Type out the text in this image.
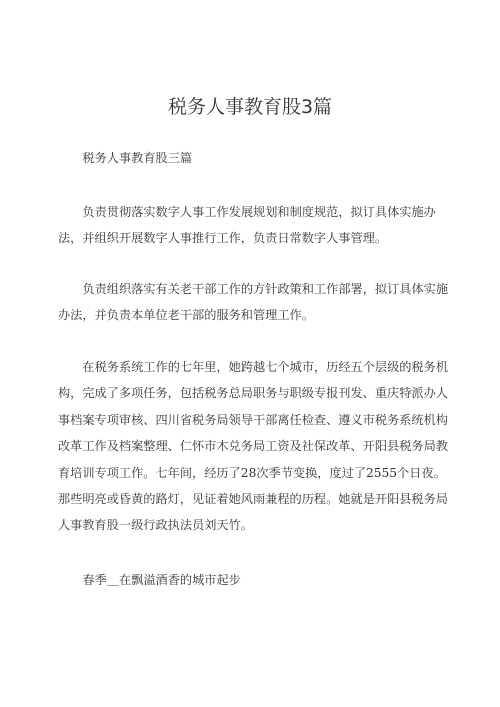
税务人事教育股3篇

税务人事教育股三篇

负责贯彻落实数字人事工作发展规划和制度规范，拟订具体实施办法，并组织开展数字人事推行工作，负责日常数字人事管理。

负责组织落实有关老干部工作的方针政策和工作部署，拟订具体实施办法，并负责本单位老干部的服务和管理工作。

在税务系统工作的七年里，她跨越七个城市，历经五个层级的税务机构，完成了多项任务，包括税务总局职务与职级专报刊发、重庆特派办人事档案专项审核、四川省税务局领导干部离任检查、遵义市税务系统机构改革工作及档案整理、仁怀市木兑务局工资及社保改革、开阳县税务局教育培训专项工作。七年间，经历了28次季节变换，度过了2555个日夜。那些明亮或昏黄的路灯，见证着她风雨兼程的历程。她就是开阳县税务局人事教育股一级行政执法员刘天竹。

春季＿在飘溢酒香的城市起步
